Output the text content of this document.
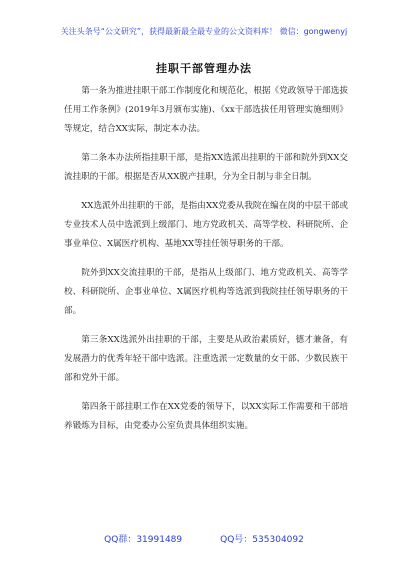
关注头条号“公文研究”，获得最新最全最专业的公文资料库！ 微信：gongwenyj
挂职干部管理办法

第一条为推进挂职干部工作制度化和规范化，根据《党政领导干部选拔任用工作条例》(2019年3月颁布实施)、《xx干部选拔任用管理实施细则》等规定，结合XX实际，制定本办法。

第二条本办法所指挂职干部，是指XX选派出挂职的干部和院外到XX交流挂职的干部。根据是否从XX脱产挂职，分为全日制与非全日制。

XX选派外出挂职的干部，是指由XX党委从我院在编在岗的中层干部或专业技术人员中选派到上级部门、地方党政机关、高等学校、科研院所、企事业单位、X属医疗机构、基地XX等挂任领导职务的干部。

院外到XX交流挂职的干部，是指从上级部门、地方党政机关、高等学校、科研院所、企事业单位、X属医疗机构等选派到我院挂任领导职务的干部。

第三条XX选派外出挂职的干部，主要是从政治素质好，德才兼备，有发展潜力的优秀年轻干部中选派。注重选派一定数量的女干部、少数民族干部和党外干部。

第四条干部挂职工作在XX党委的领导下，以XX实际工作需要和干部培养锻炼为目标，由党委办公室负责具体组织实施。

QQ群：31991489	QQ号：535304092
